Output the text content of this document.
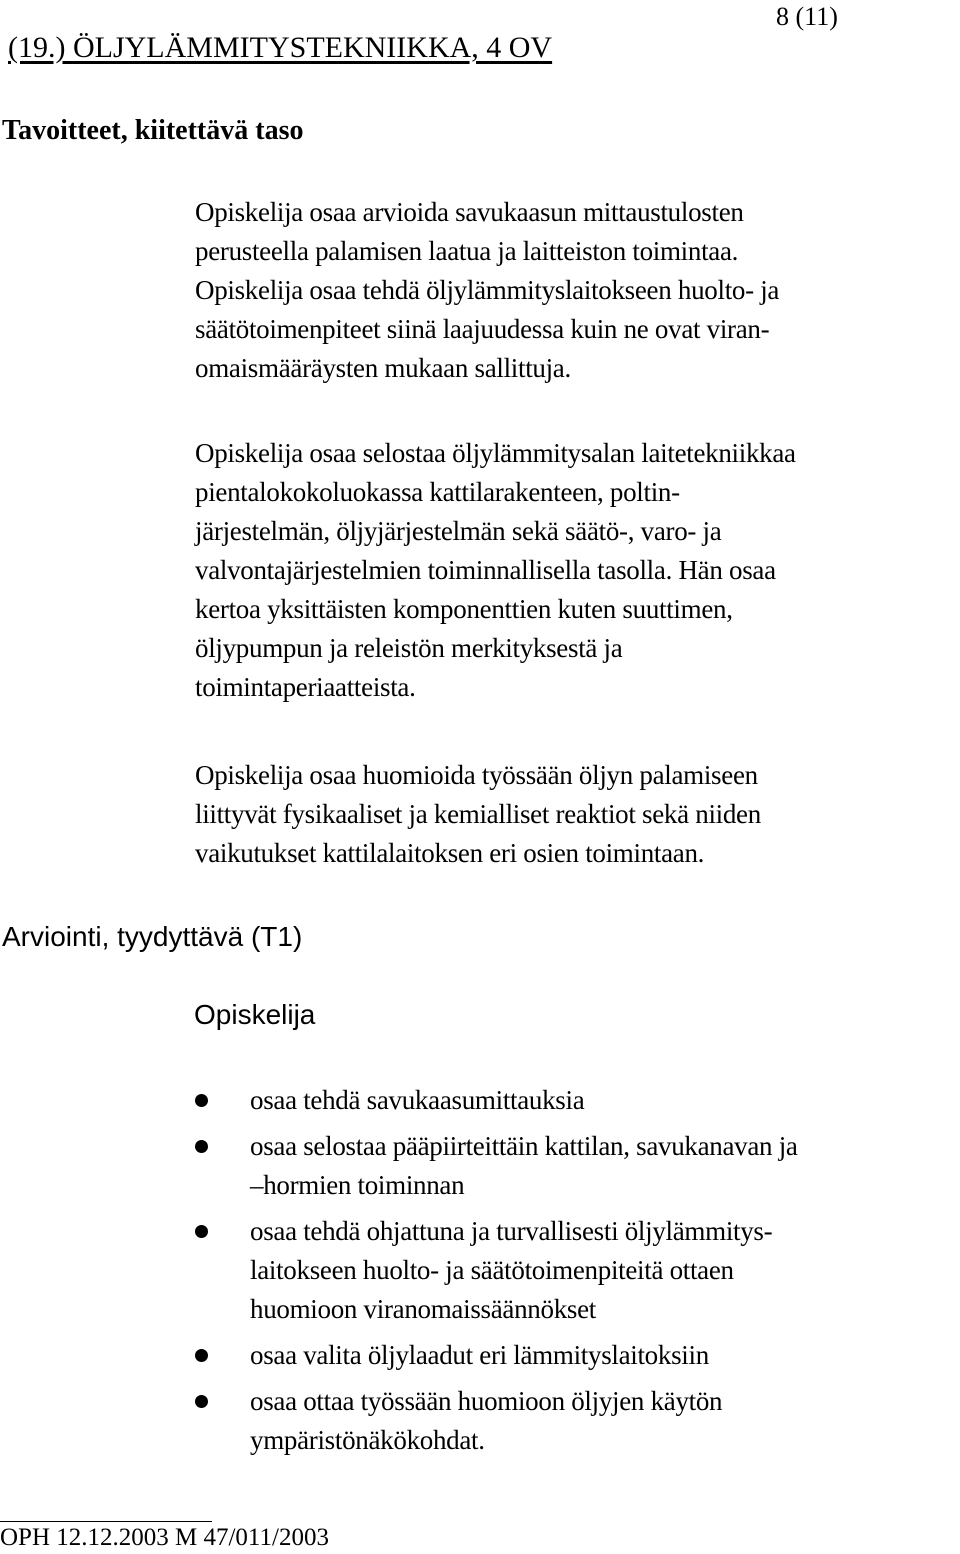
8 (11)
(19.) ÖLJYLÄMMITYSTEKNIIKKA, 4 OV
Tavoitteet, kiitettävä taso

Opiskelija osaa arvioida savukaasun mittaustulosten
perusteella palamisen laatua ja laitteiston toimintaa.
Opiskelija osaa tehdä öljylämmityslaitokseen huolto- ja
säätötoimenpiteet siinä laajuudessa kuin ne ovat viran-
omaismääräysten mukaan sallittuja.

Opiskelija osaa selostaa öljylämmitysalan laitetekniikkaa
pientalokokoluokassa kattilarakenteen, poltin-
järjestelmän, öljyjärjestelmän sekä säätö-, varo- ja
valvontajärjestelmien toiminnallisella tasolla. Hän osaa
kertoa yksittäisten komponenttien kuten suuttimen,
öljypumpun ja releistön merkityksestä ja
toimintaperiaatteista.

Opiskelija osaa huomioida työssään öljyn palamiseen
liittyvät fysikaaliset ja kemialliset reaktiot sekä niiden
vaikutukset kattilalaitoksen eri osien toimintaan.

Arviointi, tyydyttävä (T1)
Opiskelija
osaa tehdä savukaasumittauksia
osaa selostaa pääpiirteittäin kattilan, savukanavan ja
–hormien toiminnan
osaa tehdä ohjattuna ja turvallisesti öljylämmitys-
laitokseen huolto- ja säätötoimenpiteitä ottaen
huomioon viranomaissäännökset
osaa valita öljylaadut eri lämmityslaitoksiin
osaa ottaa työssään huomioon öljyjen käytön
ympäristönäkökohdat.
OPH 12.12.2003 M 47/011/2003
